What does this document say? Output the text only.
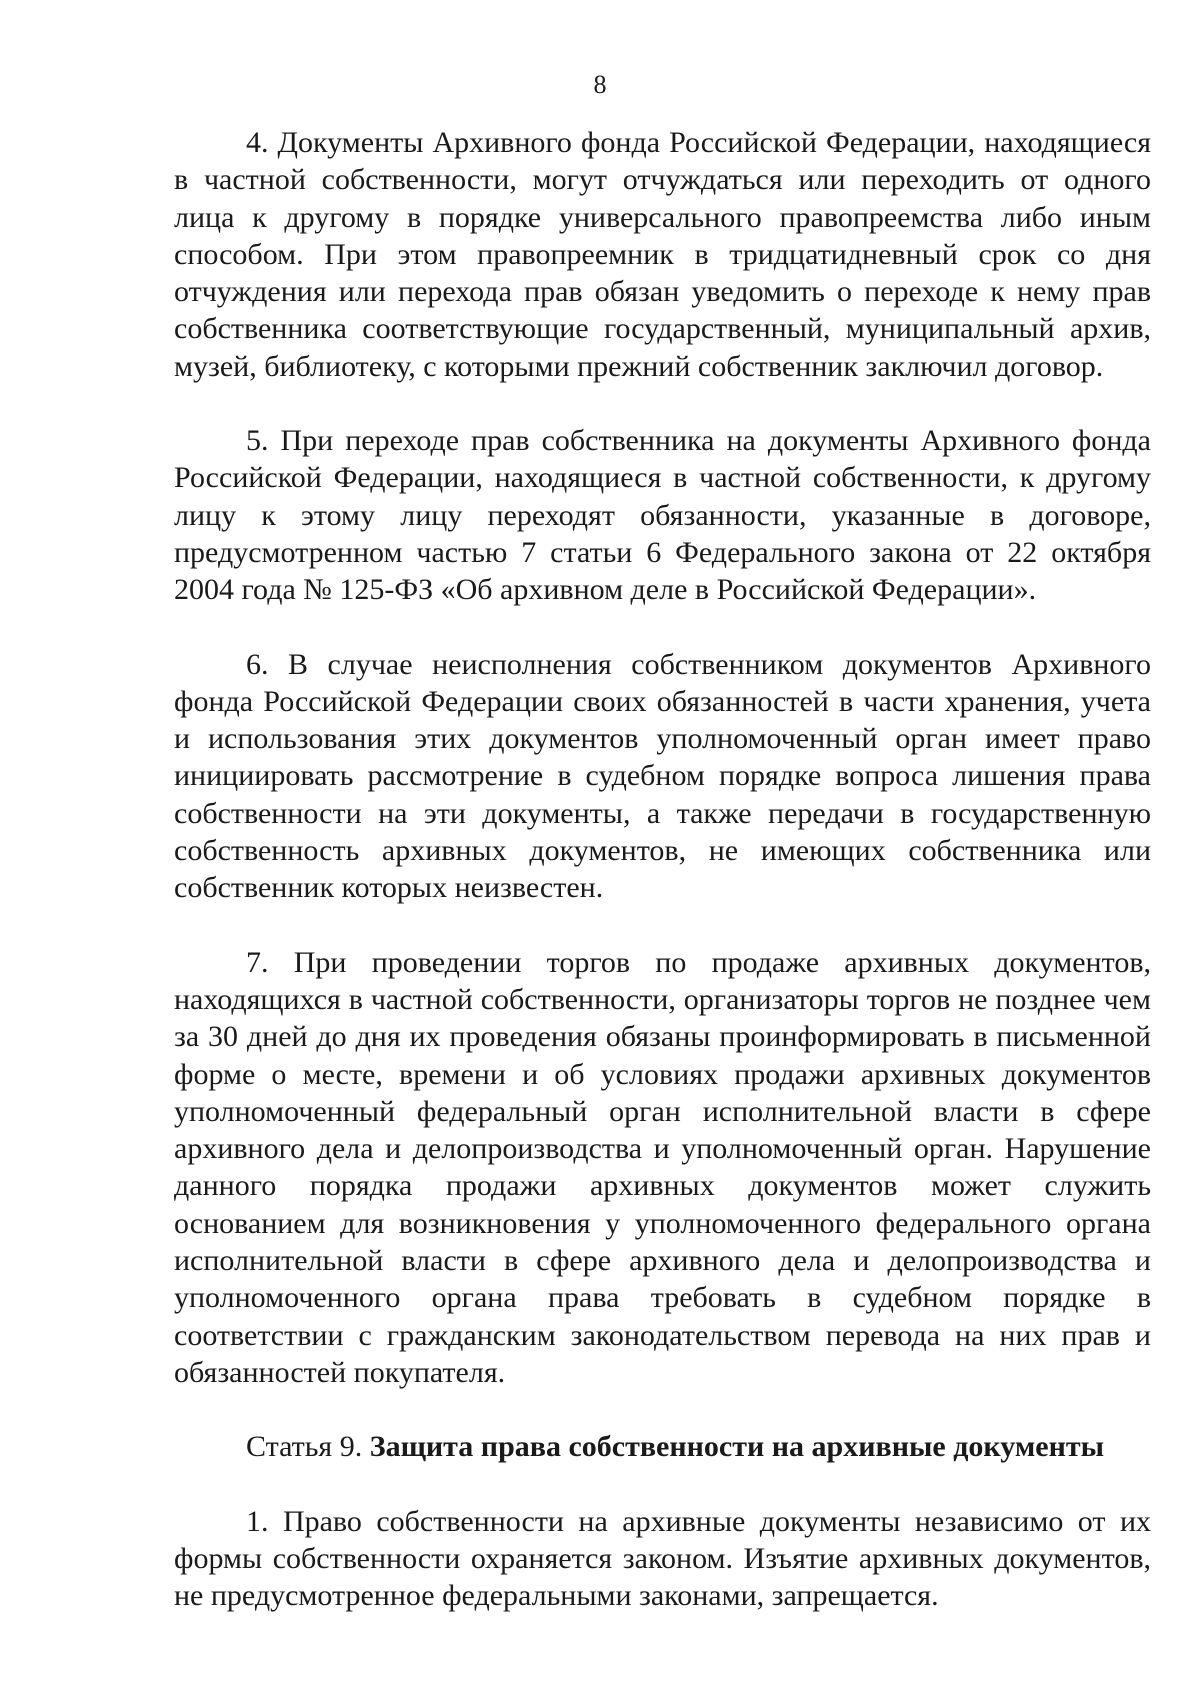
8

4. Документы Архивного фонда Российской Федерации, находящиеся в частной собственности, могут отчуждаться или переходить от одного лица к другому в порядке универсального правопреемства либо иным способом. При этом правопреемник в тридцатидневный срок со дня отчуждения или перехода прав обязан уведомить о переходе к нему прав собственника соответствующие государственный, муниципальный архив, музей, библиотеку, с которыми прежний собственник заключил договор.

5. При переходе прав собственника на документы Архивного фонда Российской Федерации, находящиеся в частной собственности, к другому лицу к этому лицу переходят обязанности, указанные в договоре, предусмотренном частью 7 статьи 6 Федерального закона от 22 октября 2004 года № 125-ФЗ «Об архивном деле в Российской Федерации».

6. В случае неисполнения собственником документов Архивного фонда Российской Федерации своих обязанностей в части хранения, учета и использования этих документов уполномоченный орган имеет право инициировать рассмотрение в судебном порядке вопроса лишения права собственности на эти документы, а также передачи в государственную собственность архивных документов, не имеющих собственника или собственник которых неизвестен.

7. При проведении торгов по продаже архивных документов, находящихся в частной собственности, организаторы торгов не позднее чем за 30 дней до дня их проведения обязаны проинформировать в письменной форме о месте, времени и об условиях продажи архивных документов уполномоченный федеральный орган исполнительной власти в сфере архивного дела и делопроизводства и уполномоченный орган. Нарушение данного порядка продажи архивных документов может служить основанием для возникновения у уполномоченного федерального органа исполнительной власти в сфере архивного дела и делопроизводства и уполномоченного органа права требовать в судебном порядке в соответствии с гражданским законодательством перевода на них прав и обязанностей покупателя.

Статья 9. Защита права собственности на архивные документы

1. Право собственности на архивные документы независимо от их формы собственности охраняется законом. Изъятие архивных документов, не предусмотренное федеральными законами, запрещается.
